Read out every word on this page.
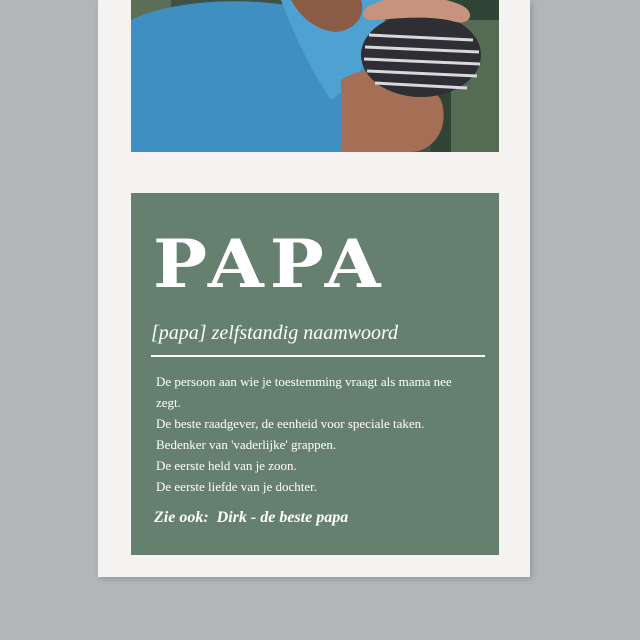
PAPA
[papa] zelfstandig naamwoord
De persoon aan wie je toestemming vraagt als mama nee
zegt.
De beste raadgever, de eenheid voor speciale taken.
Bedenker van 'vaderlijke' grappen.
De eerste held van je zoon.
De eerste liefde van je dochter.
Zie ook: Dirk - de beste papa
